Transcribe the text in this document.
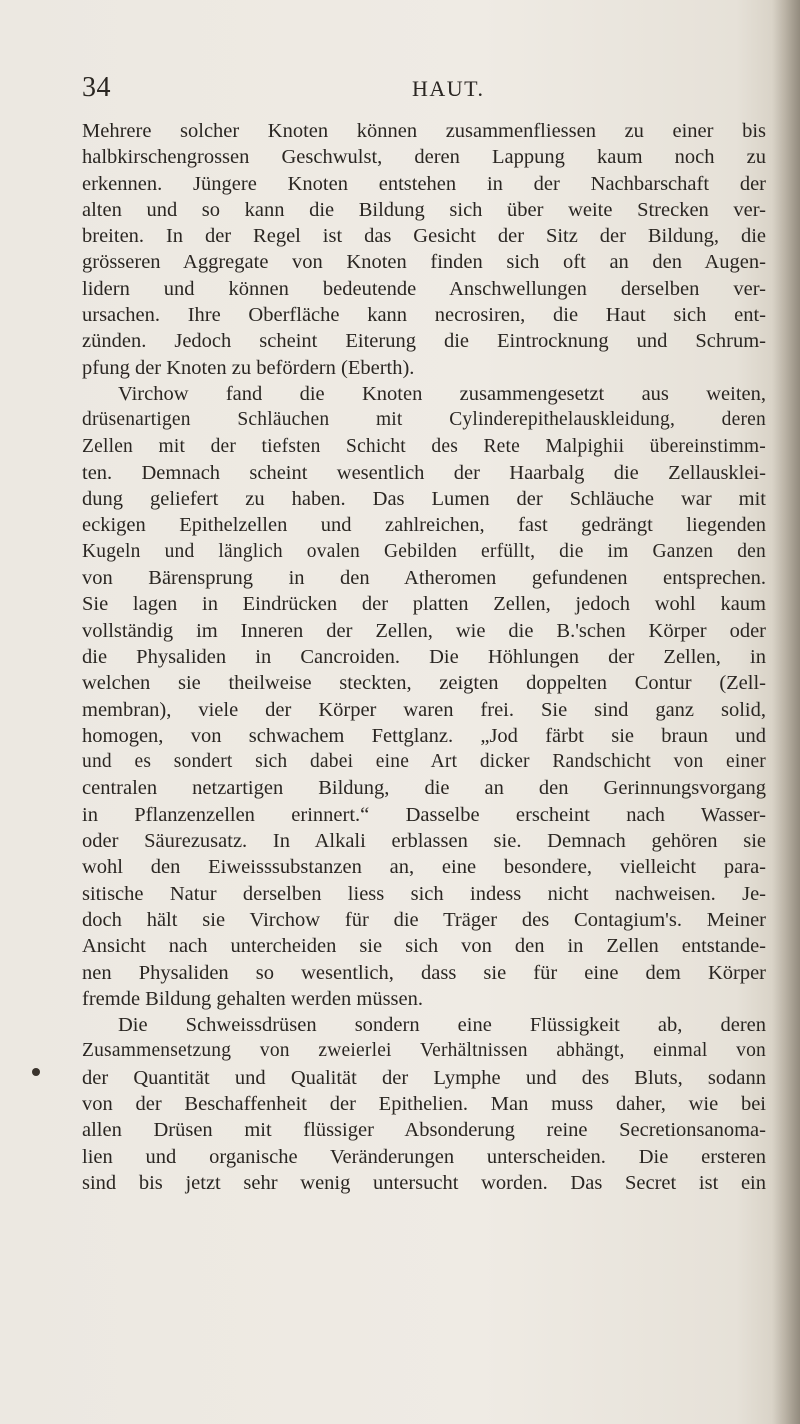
34	HAUT.
Mehrere solcher Knoten können zusammenfliessen zu einer bis
halbkirschengrossen Geschwulst, deren Lappung kaum noch zu
erkennen. Jüngere Knoten entstehen in der Nachbarschaft der
alten und so kann die Bildung sich über weite Strecken ver-
breiten. In der Regel ist das Gesicht der Sitz der Bildung, die
grösseren Aggregate von Knoten finden sich oft an den Augen-
lidern und können bedeutende Anschwellungen derselben ver-
ursachen. Ihre Oberfläche kann necrosiren, die Haut sich ent-
zünden. Jedoch scheint Eiterung die Eintrocknung und Schrum-
pfung der Knoten zu befördern (Eberth).
Virchow fand die Knoten zusammengesetzt aus weiten,
drüsenartigen Schläuchen mit Cylinderepithelauskleidung, deren
Zellen mit der tiefsten Schicht des Rete Malpighii übereinstimm-
ten. Demnach scheint wesentlich der Haarbalg die Zellausklei-
dung geliefert zu haben. Das Lumen der Schläuche war mit
eckigen Epithelzellen und zahlreichen, fast gedrängt liegenden
Kugeln und länglich ovalen Gebilden erfüllt, die im Ganzen den
von Bärensprung in den Atheromen gefundenen entsprechen.
Sie lagen in Eindrücken der platten Zellen, jedoch wohl kaum
vollständig im Inneren der Zellen, wie die B.'schen Körper oder
die Physaliden in Cancroiden. Die Höhlungen der Zellen, in
welchen sie theilweise steckten, zeigten doppelten Contur (Zell-
membran), viele der Körper waren frei. Sie sind ganz solid,
homogen, von schwachem Fettglanz. „Jod färbt sie braun und
und es sondert sich dabei eine Art dicker Randschicht von einer
centralen netzartigen Bildung, die an den Gerinnungsvorgang
in Pflanzenzellen erinnert.“ Dasselbe erscheint nach Wasser-
oder Säurezusatz. In Alkali erblassen sie. Demnach gehören sie
wohl den Eiweisssubstanzen an, eine besondere, vielleicht para-
sitische Natur derselben liess sich indess nicht nachweisen. Je-
doch hält sie Virchow für die Träger des Contagium's. Meiner
Ansicht nach untercheiden sie sich von den in Zellen entstande-
nen Physaliden so wesentlich, dass sie für eine dem Körper
fremde Bildung gehalten werden müssen.
Die Schweissdrüsen sondern eine Flüssigkeit ab, deren
Zusammensetzung von zweierlei Verhältnissen abhängt, einmal von
der Quantität und Qualität der Lymphe und des Bluts, sodann
von der Beschaffenheit der Epithelien. Man muss daher, wie bei
allen Drüsen mit flüssiger Absonderung reine Secretionsanoma-
lien und organische Veränderungen unterscheiden. Die ersteren
sind bis jetzt sehr wenig untersucht worden. Das Secret ist ein
